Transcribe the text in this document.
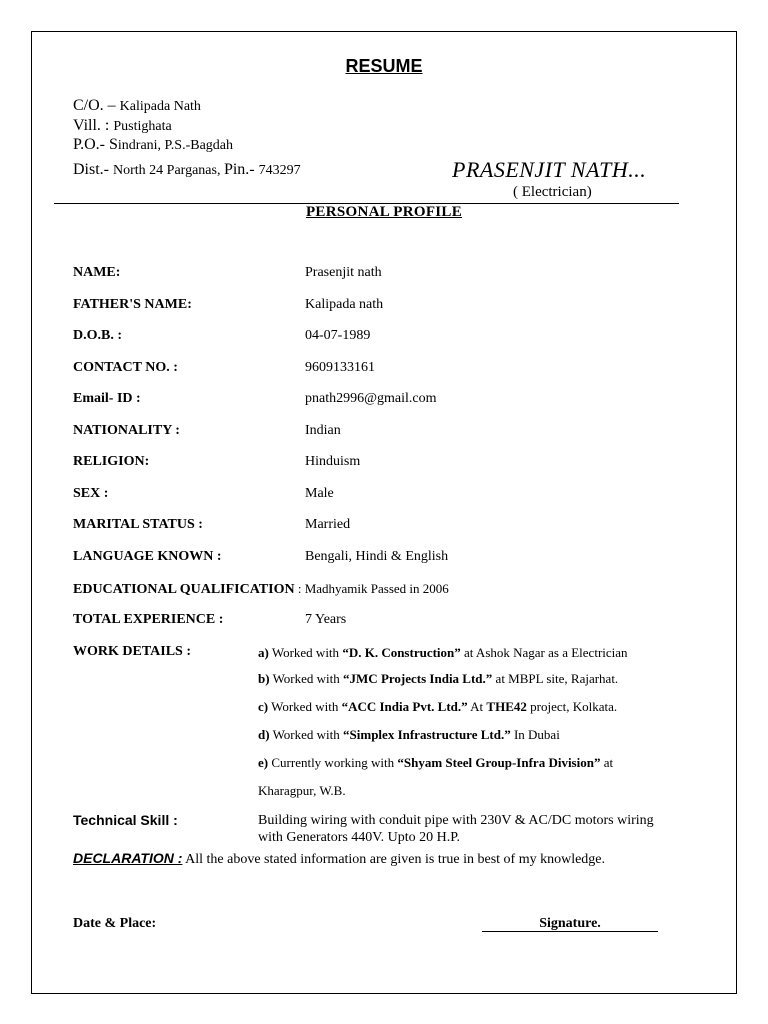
RESUME
C/O. – Kalipada Nath
Vill. : Pustighata
P.O.- Sindrani, P.S.-Bagdah
Dist.- North 24 Parganas, Pin.- 743297	PRASENJIT NATH...
( Electrician)
PERSONAL PROFILE
NAME:	Prasenjit nath
FATHER'S NAME:	Kalipada nath
D.O.B. :	04-07-1989
CONTACT NO. :	9609133161
Email- ID :	pnath2996@gmail.com
NATIONALITY :	Indian
RELIGION:	Hinduism
SEX :	Male
MARITAL STATUS :	Married
LANGUAGE KNOWN :	Bengali, Hindi & English
EDUCATIONAL QUALIFICATION : Madhyamik Passed in 2006
TOTAL EXPERIENCE :	7 Years
WORK DETAILS :	a) Worked with “D. K. Construction” at Ashok Nagar as a Electrician
b) Worked with “JMC Projects India Ltd.” at MBPL site, Rajarhat.
c) Worked with “ACC India Pvt. Ltd.” At THE42 project, Kolkata.
d) Worked with “Simplex Infrastructure Ltd.” In Dubai
e) Currently working with “Shyam Steel Group-Infra Division” at
Kharagpur, W.B.
Technical Skill :	Building wiring with conduit pipe with 230V & AC/DC motors wiring
with Generators 440V. Upto 20 H.P.
DECLARATION : All the above stated information are given is true in best of my knowledge.
Date & Place:	Signature.
